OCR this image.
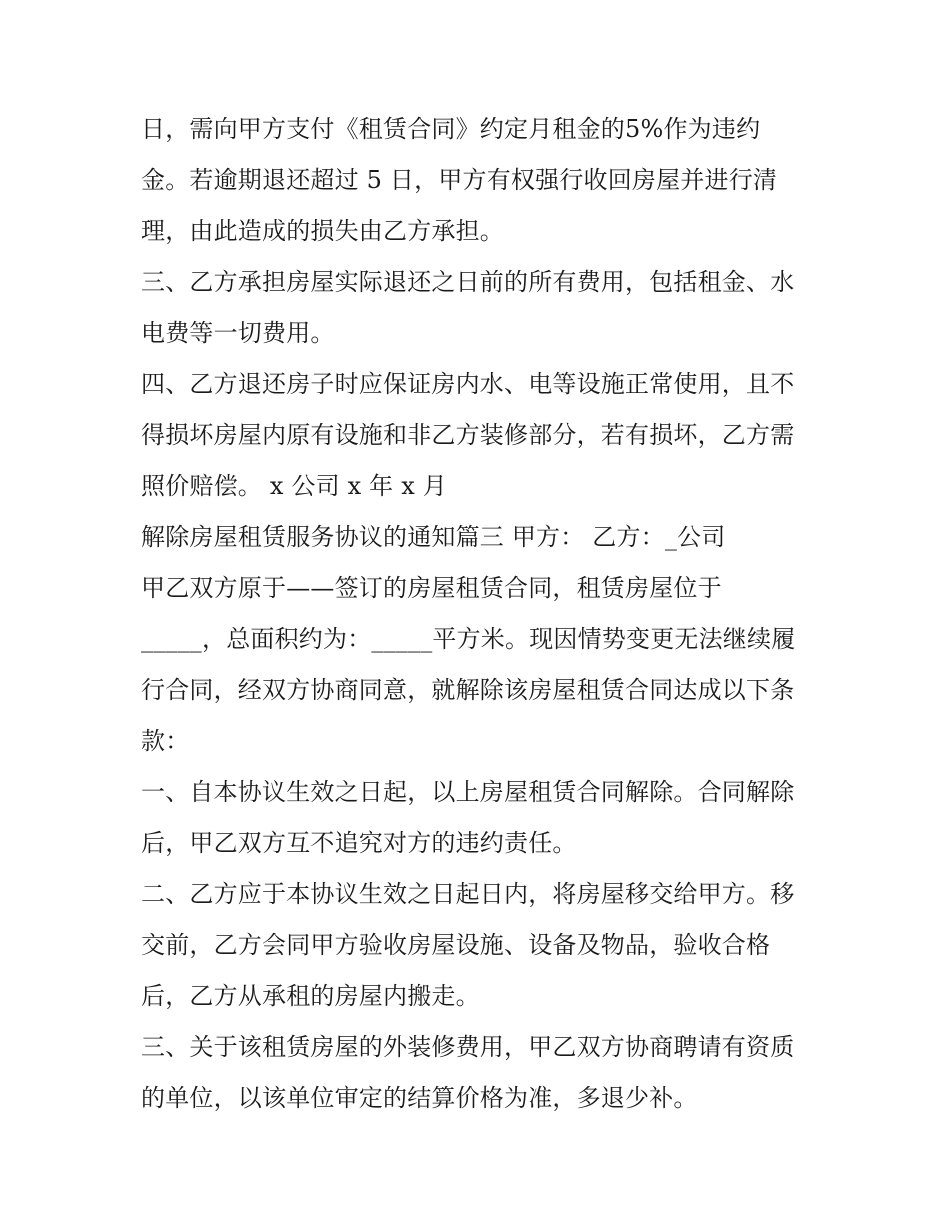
日，需向甲方支付《租赁合同》约定月租金的5%作为违约
金。若逾期退还超过 5 日，甲方有权强行收回房屋并进行清
理，由此造成的损失由乙方承担。
三、乙方承担房屋实际退还之日前的所有费用，包括租金、水
电费等一切费用。
四、乙方退还房子时应保证房内水、电等设施正常使用，且不
得损坏房屋内原有设施和非乙方装修部分，若有损坏，乙方需
照价赔偿。 x 公司 x 年 x 月
解除房屋租赁服务协议的通知篇三 甲方： 乙方：_公司
甲乙双方原于——签订的房屋租赁合同，租赁房屋位于
_____，总面积约为：_____平方米。现因情势变更无法继续履
行合同，经双方协商同意，就解除该房屋租赁合同达成以下条
款：
一、自本协议生效之日起，以上房屋租赁合同解除。合同解除
后，甲乙双方互不追究对方的违约责任。
二、乙方应于本协议生效之日起日内，将房屋移交给甲方。移
交前，乙方会同甲方验收房屋设施、设备及物品，验收合格
后，乙方从承租的房屋内搬走。
三、关于该租赁房屋的外装修费用，甲乙双方协商聘请有资质
的单位，以该单位审定的结算价格为准，多退少补。
